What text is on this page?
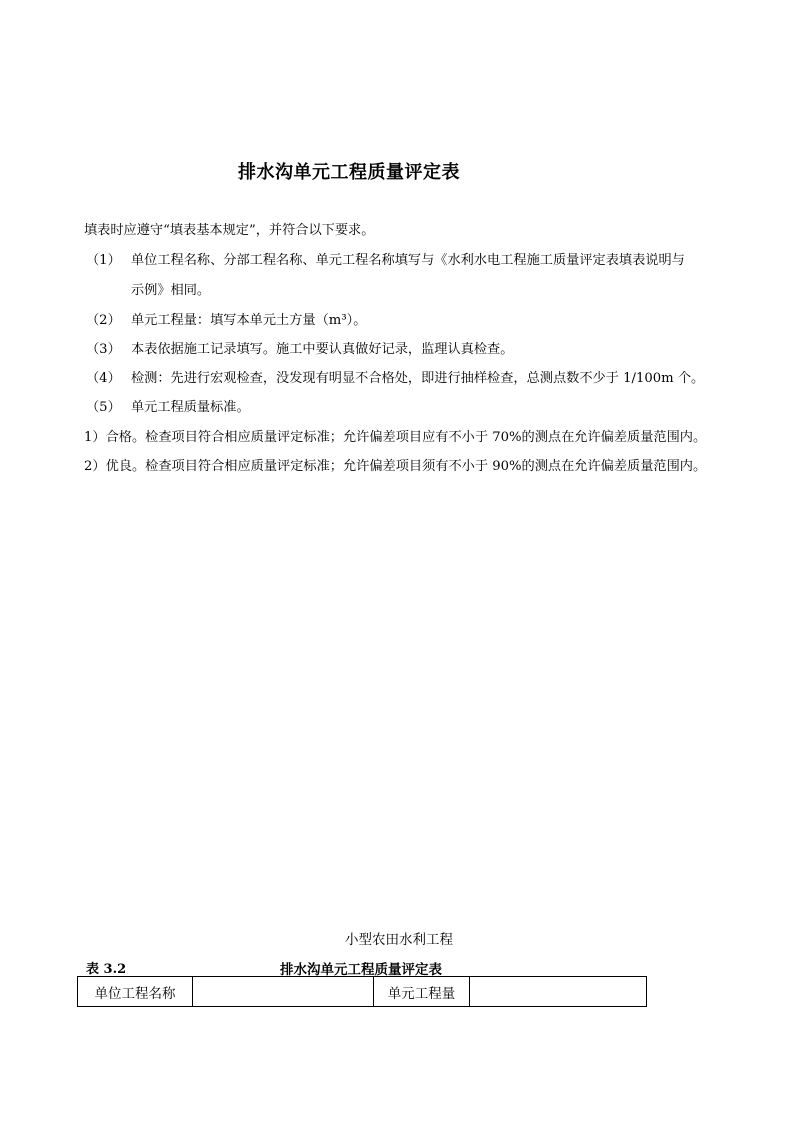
排水沟单元工程质量评定表
填表时应遵守“填表基本规定”，并符合以下要求。
（1） 单位工程名称、分部工程名称、单元工程名称填写与《水利水电工程施工质量评定表填表说明与
示例》相同。
（2） 单元工程量：填写本单元土方量（m³）。
（3） 本表依据施工记录填写。施工中要认真做好记录，监理认真检查。
（4） 检测：先进行宏观检查，没发现有明显不合格处，即进行抽样检查，总测点数不少于 1/100m 个。
（5） 单元工程质量标准。
1）合格。检查项目符合相应质量评定标准；允许偏差项目应有不小于 70%的测点在允许偏差质量范围内。
2）优良。检查项目符合相应质量评定标准；允许偏差项目须有不小于 90%的测点在允许偏差质量范围内。
小型农田水利工程
表 3.2	排水沟单元工程质量评定表
单位工程名称		单元工程量	
